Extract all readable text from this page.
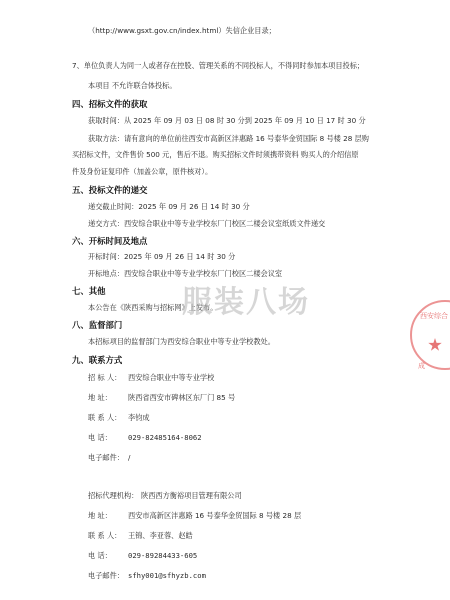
（http://www.gsxt.gov.cn/index.html）失信企业目录；
7、单位负责人为同一人或者存在控股、管理关系的不同投标人，不得同时参加本项目投标；
本项目 不允许联合体投标。
四、招标文件的获取
获取时间：从 2025 年 09 月 03 日 08 时 30 分到 2025 年 09 月 10 日 17 时 30 分
获取方法：请有意向的单位前往西安市高新区沣惠路 16 号泰华金贸国际 8 号楼 28 层购
买招标文件，文件售价 500 元，售后不退。购买招标文件时须携带资料 购买人的介绍信原
件及身份证复印件（加盖公章，原件核对）。
五、投标文件的递交
递交截止时间：2025 年 09 月 26 日 14 时 30 分
递交方式：西安综合职业中等专业学校东厂门校区二楼会议室纸质文件递交
六、开标时间及地点
开标时间：2025 年 09 月 26 日 14 时 30 分
开标地点：西安综合职业中等专业学校东厂门校区二楼会议室
七、其他
本公告在《陕西采购与招标网》上发布。
八、监督部门
本招标项目的监督部门为西安综合职业中等专业学校教处。
九、联系方式
招 标 人： 西安综合职业中等专业学校
地 址： 陕西省西安市碑林区东厂门 85 号
联 系 人： 李钧成
电 话： 029-82485164-8062
电子邮件： /
招标代理机构： 陕西西方衡裕项目管理有限公司
地 址： 西安市高新区沣惠路 16 号泰华金贸国际 8 号楼 28 层
联 系 人： 王锦、李亚蓉、赵皓
电 话： 029-89284433-605
电子邮件： sfhy001@sfhyzb.com
服装八场	西安综合
成
